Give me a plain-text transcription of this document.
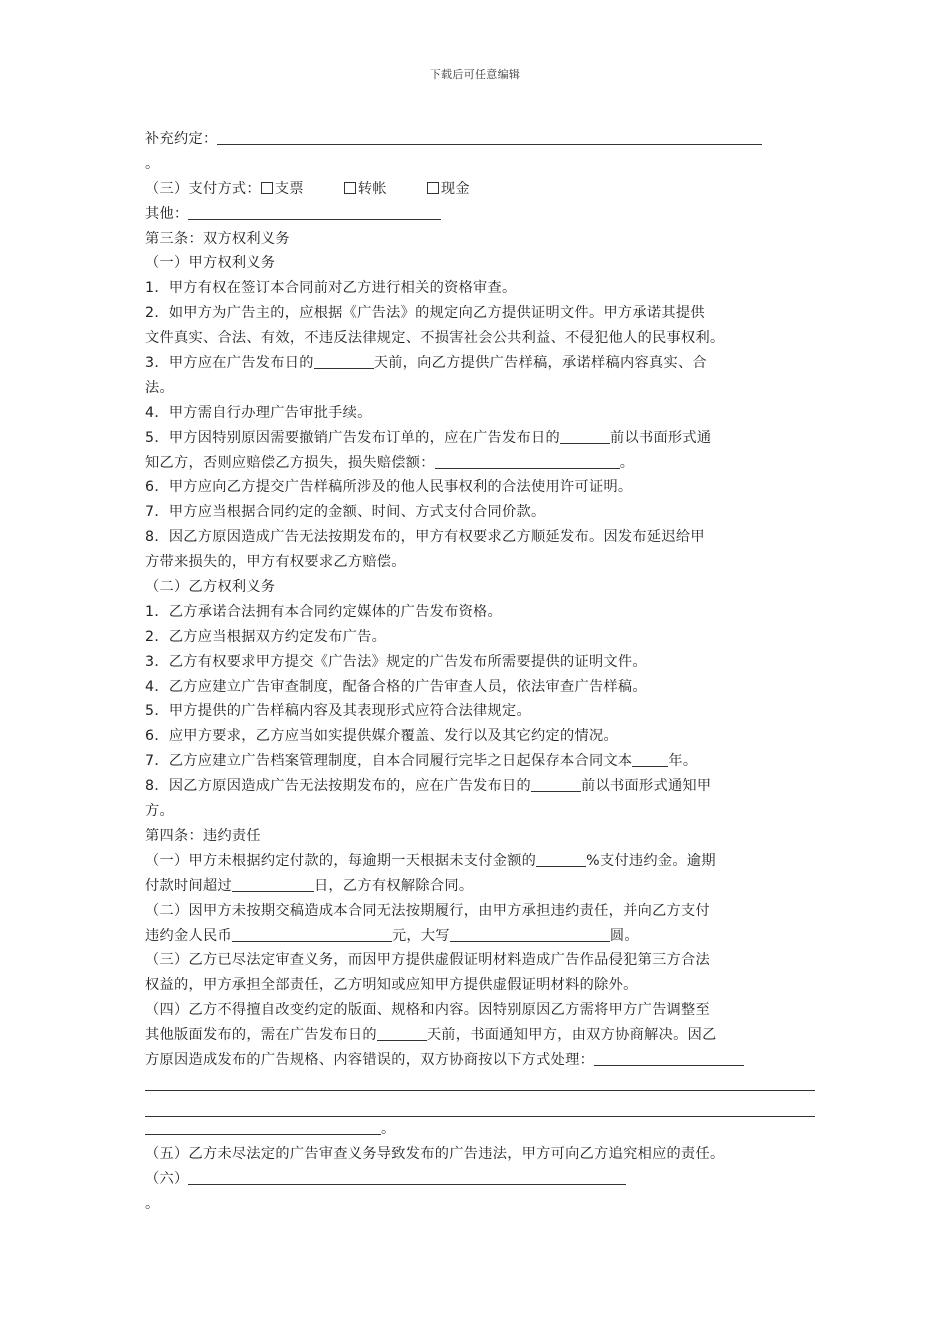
下载后可任意编辑
补充约定：
。
（三）支付方式： 支票	转帐	现金
其他：
第三条：双方权利义务
（一）甲方权利义务
1．甲方有权在签订本合同前对乙方进行相关的资格审查。
2．如甲方为广告主的，应根据《广告法》的规定向乙方提供证明文件。甲方承诺其提供
文件真实、合法、有效，不违反法律规定、不损害社会公共利益、不侵犯他人的民事权利。
3．甲方应在广告发布日的	天前，向乙方提供广告样稿，承诺样稿内容真实、合
法。
4．甲方需自行办理广告审批手续。
5．甲方因特别原因需要撤销广告发布订单的，应在广告发布日的	前以书面形式通
知乙方，否则应赔偿乙方损失，损失赔偿额：	。
6．甲方应向乙方提交广告样稿所涉及的他人民事权利的合法使用许可证明。
7．甲方应当根据合同约定的金额、时间、方式支付合同价款。
8．因乙方原因造成广告无法按期发布的，甲方有权要求乙方顺延发布。因发布延迟给甲
方带来损失的，甲方有权要求乙方赔偿。
（二）乙方权利义务
1．乙方承诺合法拥有本合同约定媒体的广告发布资格。
2．乙方应当根据双方约定发布广告。
3．乙方有权要求甲方提交《广告法》规定的广告发布所需要提供的证明文件。
4．乙方应建立广告审查制度，配备合格的广告审查人员，依法审查广告样稿。
5．甲方提供的广告样稿内容及其表现形式应符合法律规定。
6．应甲方要求，乙方应当如实提供媒介覆盖、发行以及其它约定的情况。
7．乙方应建立广告档案管理制度，自本合同履行完毕之日起保存本合同文本	年。
8．因乙方原因造成广告无法按期发布的，应在广告发布日的	前以书面形式通知甲
方。
第四条：违约责任
（一）甲方未根据约定付款的，每逾期一天根据未支付金额的	%支付违约金。逾期
付款时间超过	日，乙方有权解除合同。
（二）因甲方未按期交稿造成本合同无法按期履行，由甲方承担违约责任，并向乙方支付
违约金人民币	元，大写	圆。
（三）乙方已尽法定审查义务，而因甲方提供虚假证明材料造成广告作品侵犯第三方合法
权益的，甲方承担全部责任，乙方明知或应知甲方提供虚假证明材料的除外。
（四）乙方不得擅自改变约定的版面、规格和内容。因特别原因乙方需将甲方广告调整至
其他版面发布的，需在广告发布日的	天前，书面通知甲方，由双方协商解决。因乙
方原因造成发布的广告规格、内容错误的，双方协商按以下方式处理：
。
（五）乙方未尽法定的广告审查义务导致发布的广告违法，甲方可向乙方追究相应的责任。
（六）
。
